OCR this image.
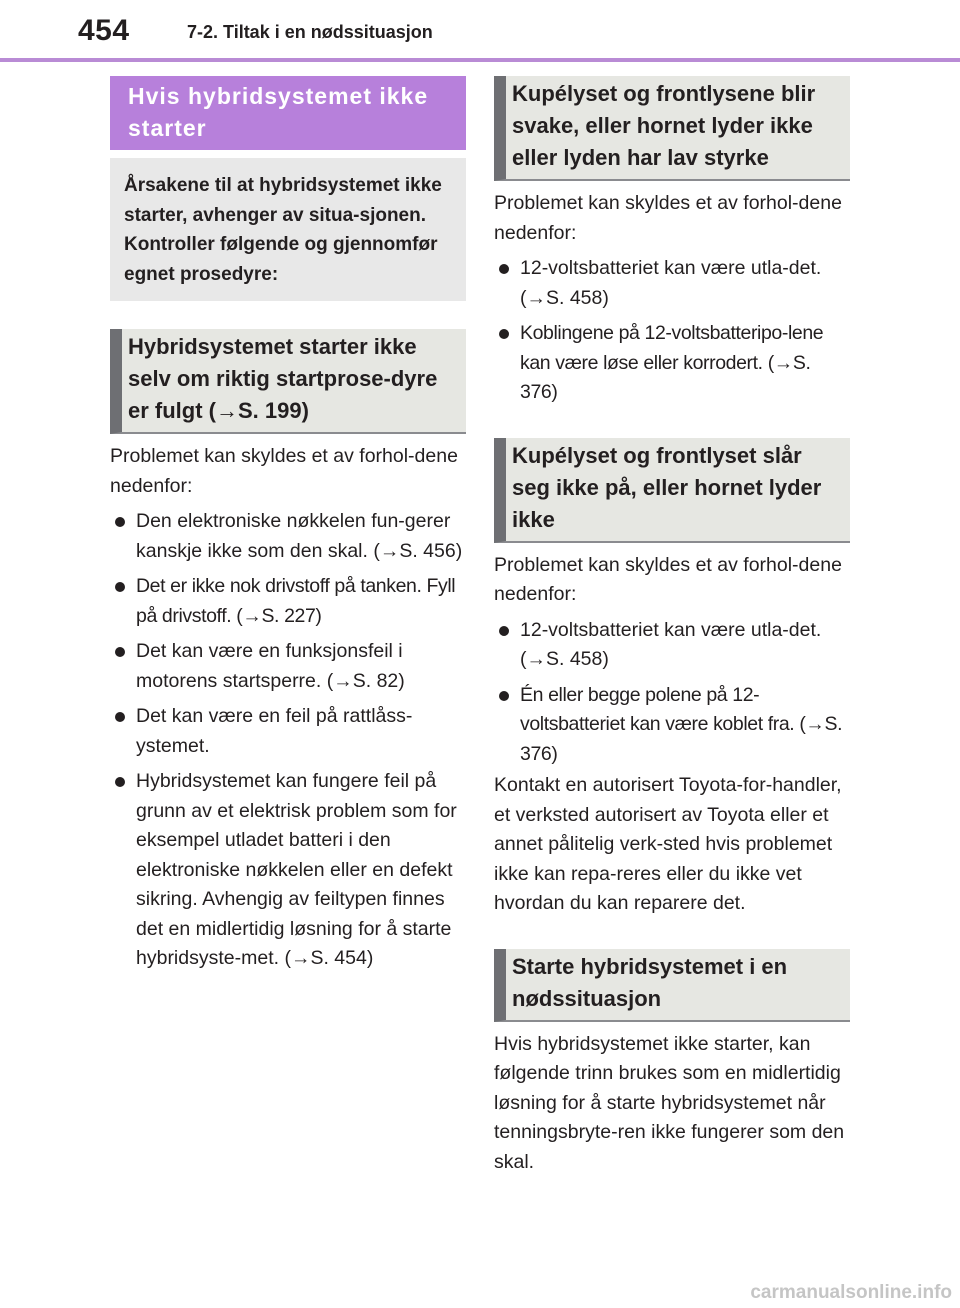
454	7-2. Tiltak i en nødssituasjon
Hvis hybridsystemet ikke starter
Årsakene til at hybridsystemet ikke starter, avhenger av situa-sjonen. Kontroller følgende og gjennomfør egnet prosedyre:
Hybridsystemet starter ikke selv om riktig startprose-dyre er fulgt (→S. 199)

Problemet kan skyldes et av forhol-dene nedenfor:

Den elektroniske nøkkelen fun-gerer kanskje ikke som den skal. (→S. 456)
Det er ikke nok drivstoff på tanken. Fyll på drivstoff. (→S. 227)
Det kan være en funksjonsfeil i motorens startsperre. (→S. 82)
Det kan være en feil på rattlåss-ystemet.
Hybridsystemet kan fungere feil på grunn av et elektrisk problem som for eksempel utladet batteri i den elektroniske nøkkelen eller en defekt sikring. Avhengig av feiltypen finnes det en midlertidig løsning for å starte hybridsyste-met. (→S. 454)
Kupélyset og frontlysene blir svake, eller hornet lyder ikke eller lyden har lav styrke

Problemet kan skyldes et av forhol-dene nedenfor:

12-voltsbatteriet kan være utla-det. (→S. 458)
Koblingene på 12-voltsbatteripo-lene kan være løse eller korrodert. (→S. 376)
Kupélyset og frontlyset slår seg ikke på, eller hornet lyder ikke

Problemet kan skyldes et av forhol-dene nedenfor:

12-voltsbatteriet kan være utla-det. (→S. 458)
Én eller begge polene på 12-voltsbatteriet kan være koblet fra. (→S. 376)

Kontakt en autorisert Toyota-for-handler, et verksted autorisert av Toyota eller et annet pålitelig verk-sted hvis problemet ikke kan repa-reres eller du ikke vet hvordan du kan reparere det.

Starte hybridsystemet i en nødssituasjon

Hvis hybridsystemet ikke starter, kan følgende trinn brukes som en midlertidig løsning for å starte hybridsystemet når tenningsbryte-ren ikke fungerer som den skal.

carmanualsonline.info
